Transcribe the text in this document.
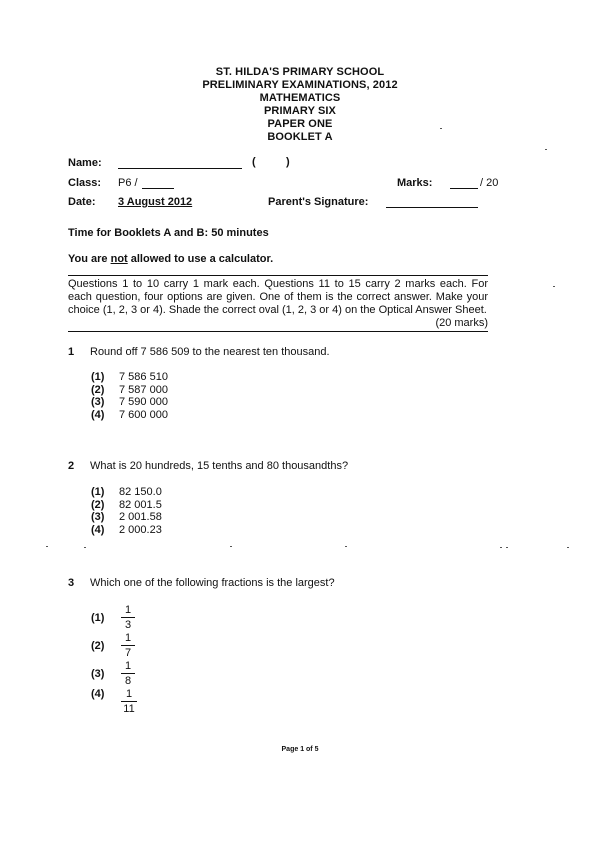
ST. HILDA'S PRIMARY SCHOOL
PRELIMINARY EXAMINATIONS, 2012
MATHEMATICS
PRIMARY SIX
PAPER ONE
BOOKLET A
Name:	(	)
Class: P6 /	Marks:	/ 20
Date: 3 August 2012	Parent's Signature:
Time for Booklets A and B: 50 minutes
You are not allowed to use a calculator.
Questions 1 to 10 carry 1 mark each. Questions 11 to 15 carry 2 marks each. For each question, four options are given. One of them is the correct answer. Make your choice (1, 2, 3 or 4). Shade the correct oval (1, 2, 3 or 4) on the Optical Answer Sheet.
(20 marks)
1 Round off 7 586 509 to the nearest ten thousand.
(1)	7 586 510
(2)	7 587 000
(3)	7 590 000
(4)	7 600 000
2 What is 20 hundreds, 15 tenths and 80 thousandths?
(1)	82 150.0
(2)	82 001.5
(3)	2 001.58
(4)	2 000.23
3 Which one of the following fractions is the largest?
(1)
1
3
(2)
1
7
(3)
1
8
(4)	1
11
Page 1 of 5
